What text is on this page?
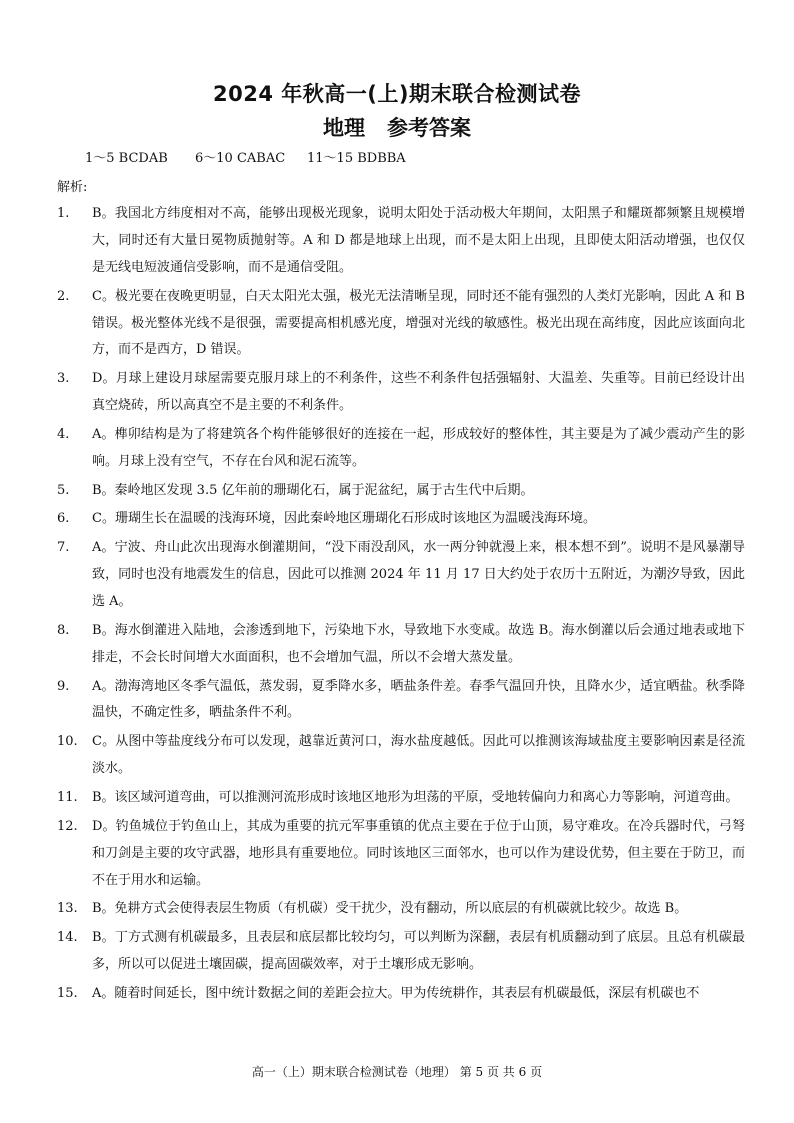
2024 年秋高一(上)期末联合检测试卷
地理 参考答案
1～5 BCDAB 6～10 CABAC 11～15 BDBBA
解析:
1. B。我国北方纬度相对不高，能够出现极光现象，说明太阳处于活动极大年期间，太阳黑子和耀斑都频繁且规模增大，同时还有大量日冕物质抛射等。A 和 D 都是地球上出现，而不是太阳上出现，且即使太阳活动增强，也仅仅是无线电短波通信受影响，而不是通信受阻。
2. C。极光要在夜晚更明显，白天太阳光太强，极光无法清晰呈现，同时还不能有强烈的人类灯光影响，因此 A 和 B 错误。极光整体光线不是很强，需要提高相机感光度，增强对光线的敏感性。极光出现在高纬度，因此应该面向北方，而不是西方，D 错误。
3. D。月球上建设月球屋需要克服月球上的不利条件，这些不利条件包括强辐射、大温差、失重等。目前已经设计出真空烧砖，所以高真空不是主要的不利条件。
4. A。榫卯结构是为了将建筑各个构件能够很好的连接在一起，形成较好的整体性，其主要是为了减少震动产生的影响。月球上没有空气，不存在台风和泥石流等。
5. B。秦岭地区发现 3.5 亿年前的珊瑚化石，属于泥盆纪，属于古生代中后期。
6. C。珊瑚生长在温暖的浅海环境，因此秦岭地区珊瑚化石形成时该地区为温暖浅海环境。
7. A。宁波、舟山此次出现海水倒灌期间，“没下雨没刮风，水一两分钟就漫上来，根本想不到”。说明不是风暴潮导致，同时也没有地震发生的信息，因此可以推测 2024 年 11 月 17 日大约处于农历十五附近，为潮汐导致，因此选 A。
8. B。海水倒灌进入陆地，会渗透到地下，污染地下水，导致地下水变咸。故选 B。海水倒灌以后会通过地表或地下排走，不会长时间增大水面面积，也不会增加气温，所以不会增大蒸发量。
9. A。渤海湾地区冬季气温低，蒸发弱，夏季降水多，晒盐条件差。春季气温回升快，且降水少，适宜晒盐。秋季降温快，不确定性多，晒盐条件不利。
10. C。从图中等盐度线分布可以发现，越靠近黄河口，海水盐度越低。因此可以推测该海域盐度主要影响因素是径流淡水。
11. B。该区域河道弯曲，可以推测河流形成时该地区地形为坦荡的平原，受地转偏向力和离心力等影响，河道弯曲。
12. D。钓鱼城位于钓鱼山上，其成为重要的抗元军事重镇的优点主要在于位于山顶，易守难攻。在冷兵器时代，弓弩和刀剑是主要的攻守武器，地形具有重要地位。同时该地区三面邻水，也可以作为建设优势，但主要在于防卫，而不在于用水和运输。
13. B。免耕方式会使得表层生物质（有机碳）受干扰少，没有翻动，所以底层的有机碳就比较少。故选 B。
14. B。丁方式测有机碳最多，且表层和底层都比较均匀，可以判断为深翻，表层有机质翻动到了底层。且总有机碳最多，所以可以促进土壤固碳，提高固碳效率，对于土壤形成无影响。
15. A。随着时间延长，图中统计数据之间的差距会拉大。甲为传统耕作，其表层有机碳最低，深层有机碳也不
高一（上）期末联合检测试卷（地理） 第 5 页 共 6 页
